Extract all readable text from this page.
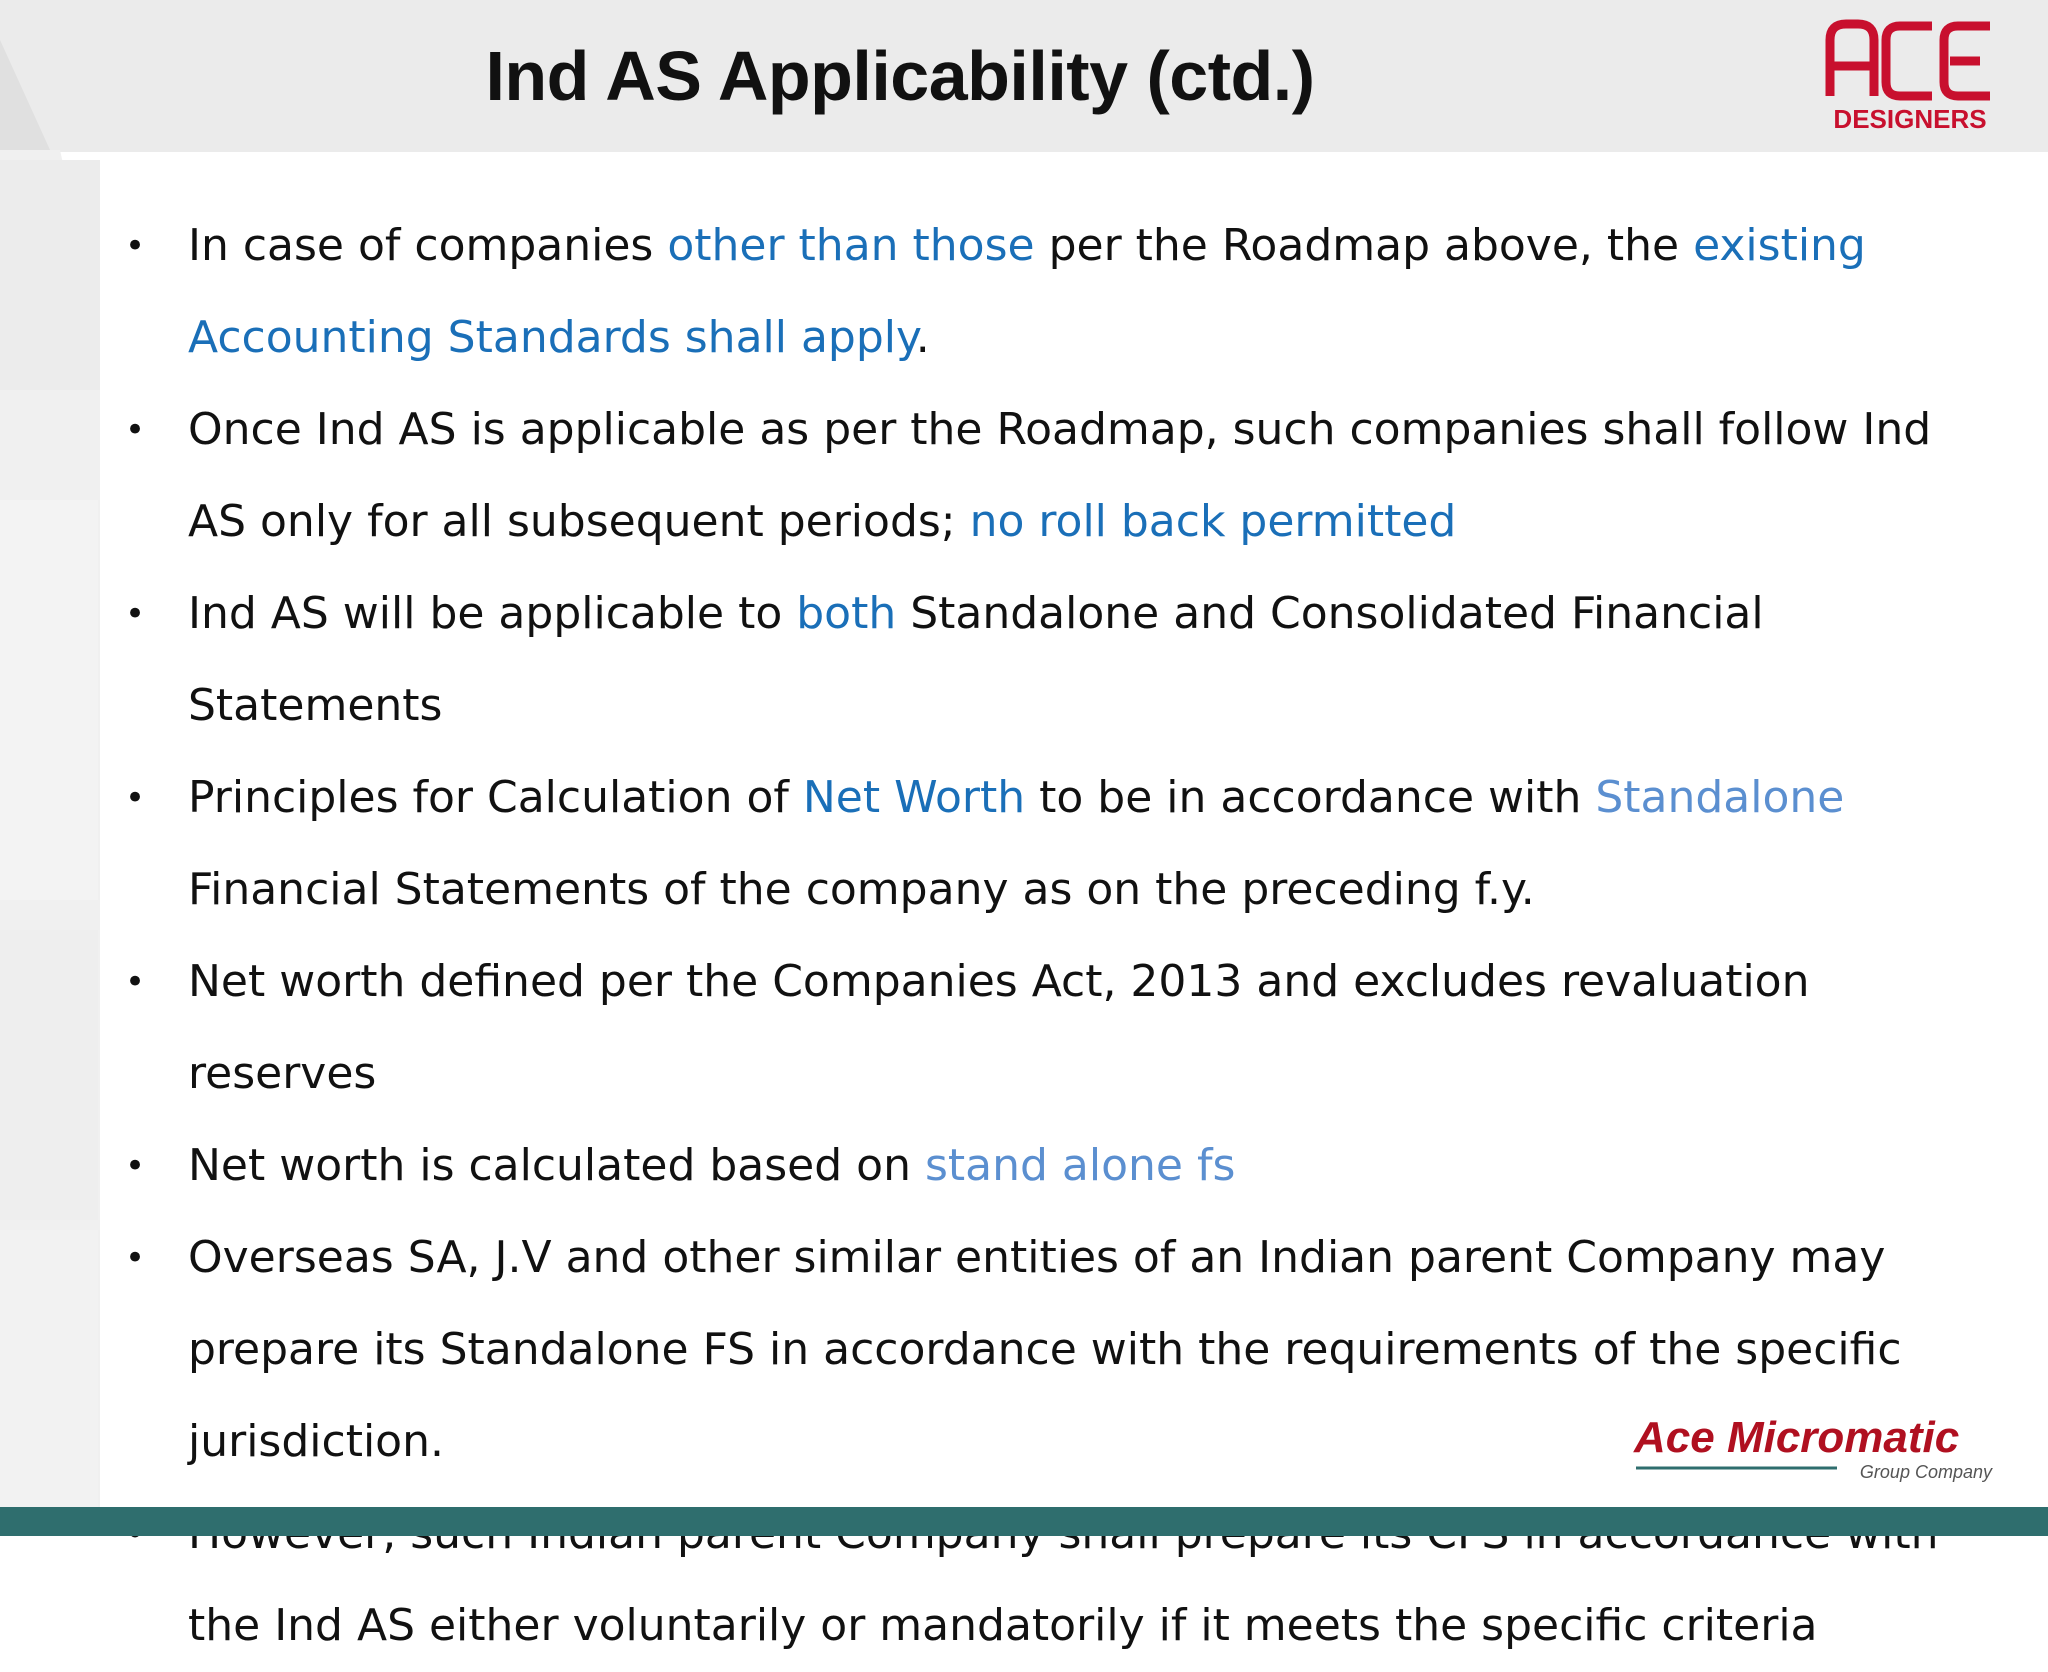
Ind AS Applicability (ctd.)
DESIGNERS
• In case of companies other than those per the Roadmap above, the existing Accounting Standards shall apply.
• Once Ind AS is applicable as per the Roadmap, such companies shall follow Ind AS only for all subsequent periods; no roll back permitted
• Ind AS will be applicable to both Standalone and Consolidated Financial Statements
• Principles for Calculation of Net Worth to be in accordance with Standalone Financial Statements of the company as on the preceding f.y.
• Net worth defined per the Companies Act, 2013 and excludes revaluation reserves
• Net worth is calculated based on stand alone fs
• Overseas SA, J.V and other similar entities of an Indian parent Company may prepare its Standalone FS in accordance with the requirements of the specific jurisdiction.
the Ind AS either voluntarily or mandatorily if it meets the specific criteria
Ace Micromatic
Group Company
